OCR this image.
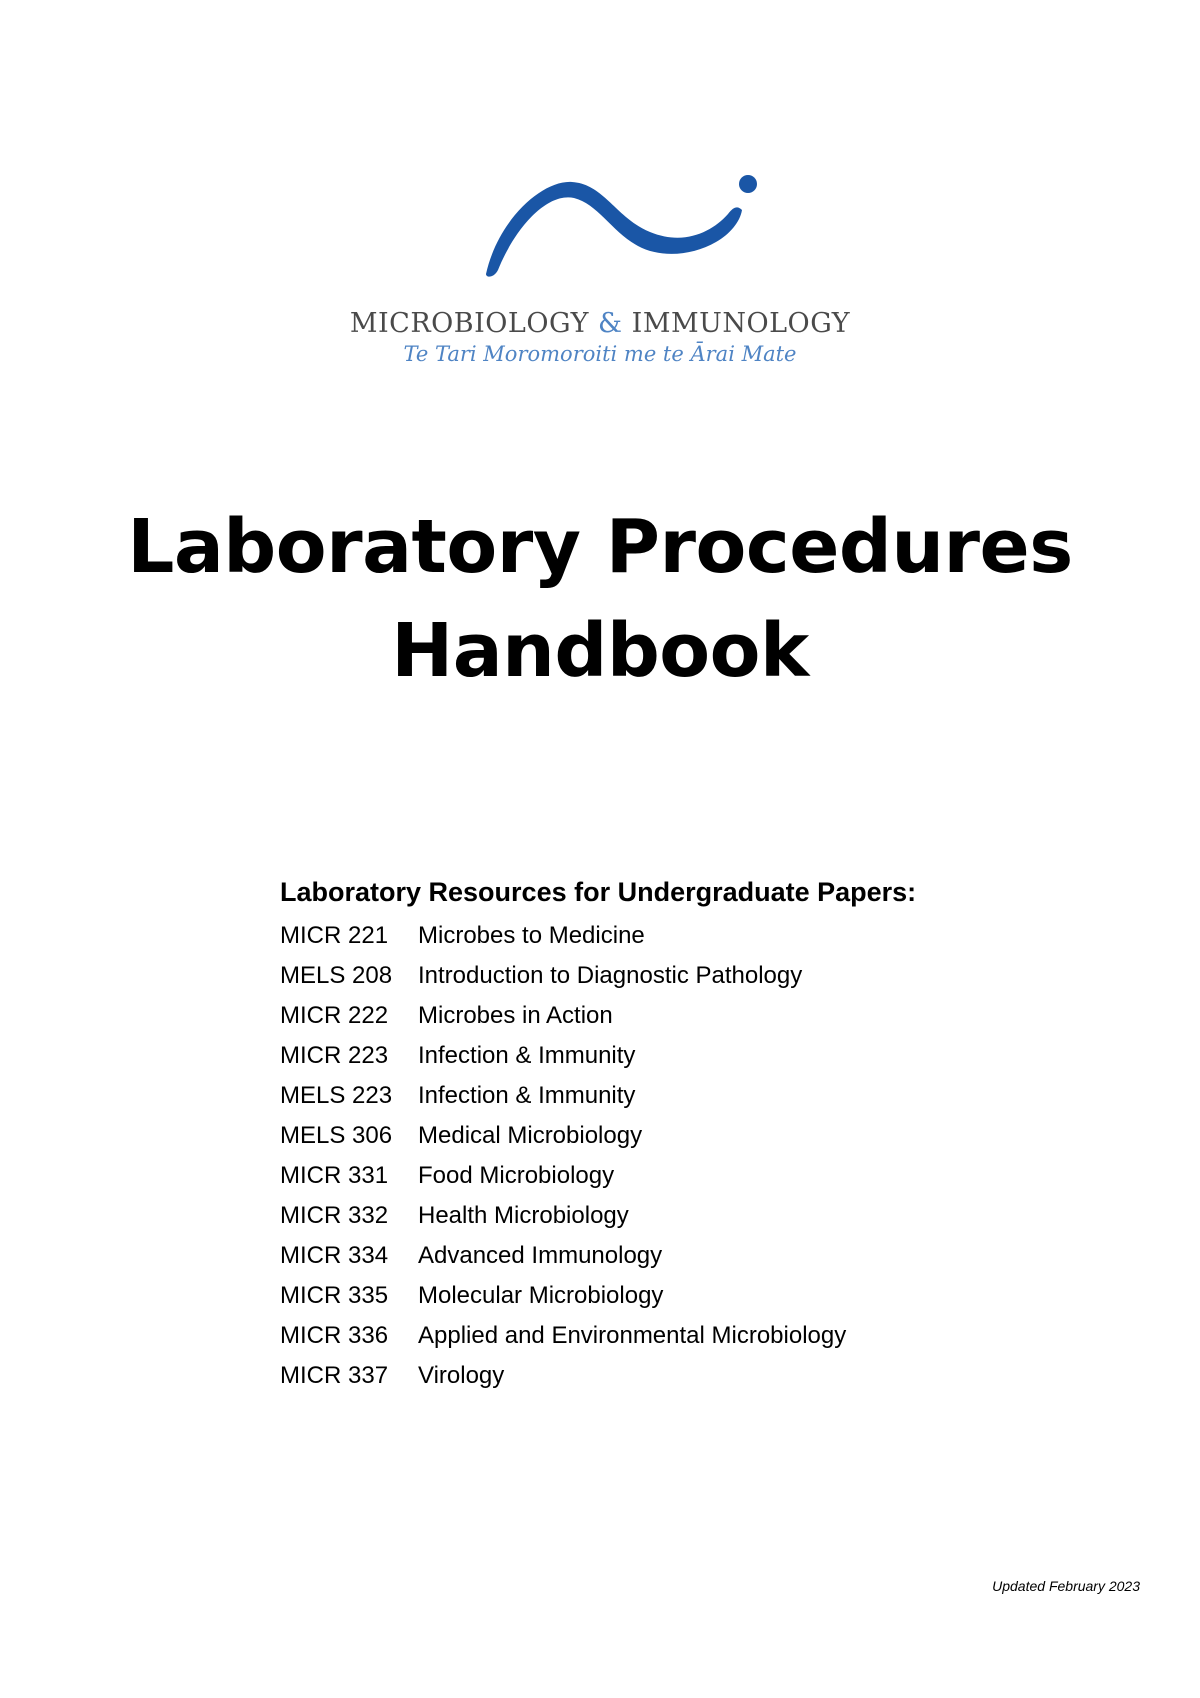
MICROBIOLOGY & IMMUNOLOGY
Te Tari Moromoroiti me te Ārai Mate
Laboratory Procedures
Handbook
Laboratory Resources for Undergraduate Papers:
MICR 221 Microbes to Medicine
MELS 208 Introduction to Diagnostic Pathology
MICR 222 Microbes in Action
MICR 223 Infection & Immunity
MELS 223 Infection & Immunity
MELS 306 Medical Microbiology
MICR 331 Food Microbiology
MICR 332 Health Microbiology
MICR 334 Advanced Immunology
MICR 335 Molecular Microbiology
MICR 336 Applied and Environmental Microbiology
MICR 337 Virology
Updated February 2023
